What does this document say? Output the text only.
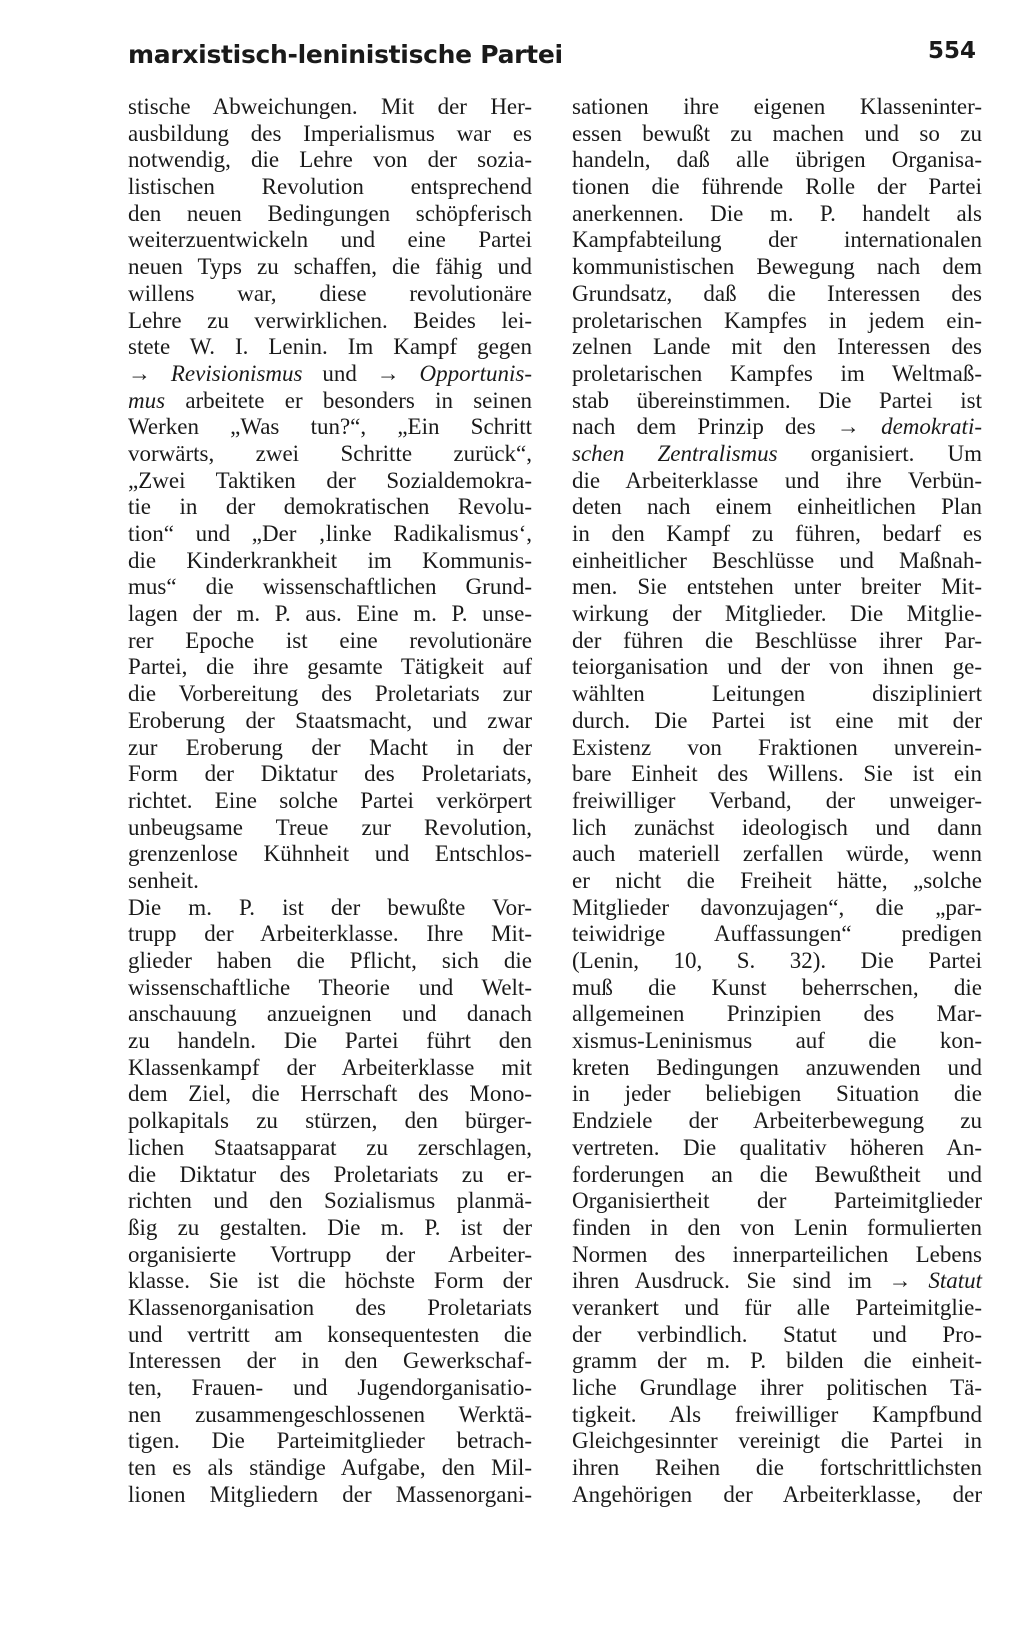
marxistisch-leninistische Partei	554
stische Abweichungen. Mit der Her-
ausbildung des Imperialismus war es
notwendig, die Lehre von der sozia-
listischen Revolution entsprechend
den neuen Bedingungen schöpferisch
weiterzuentwickeln und eine Partei
neuen Typs zu schaffen, die fähig und
willens war, diese revolutionäre
Lehre zu verwirklichen. Beides lei-
stete W. I. Lenin. Im Kampf gegen
→ Revisionismus und → Opportunis-
mus arbeitete er besonders in seinen
Werken „Was tun?“, „Ein Schritt
vorwärts, zwei Schritte zurück“,
„Zwei Taktiken der Sozialdemokra-
tie in der demokratischen Revolu-
tion“ und „Der ‚linke Radikalismus‘,
die Kinderkrankheit im Kommunis-
mus“ die wissenschaftlichen Grund-
lagen der m. P. aus. Eine m. P. unse-
rer Epoche ist eine revolutionäre
Partei, die ihre gesamte Tätigkeit auf
die Vorbereitung des Proletariats zur
Eroberung der Staatsmacht, und zwar
zur Eroberung der Macht in der
Form der Diktatur des Proletariats,
richtet. Eine solche Partei verkörpert
unbeugsame Treue zur Revolution,
grenzenlose Kühnheit und Entschlos-
senheit.
Die m. P. ist der bewußte Vor-
trupp der Arbeiterklasse. Ihre Mit-
glieder haben die Pflicht, sich die
wissenschaftliche Theorie und Welt-
anschauung anzueignen und danach
zu handeln. Die Partei führt den
Klassenkampf der Arbeiterklasse mit
dem Ziel, die Herrschaft des Mono-
polkapitals zu stürzen, den bürger-
lichen Staatsapparat zu zerschlagen,
die Diktatur des Proletariats zu er-
richten und den Sozialismus planmä-
ßig zu gestalten. Die m. P. ist der
organisierte Vortrupp der Arbeiter-
klasse. Sie ist die höchste Form der
Klassenorganisation des Proletariats
und vertritt am konsequentesten die
Interessen der in den Gewerkschaf-
ten, Frauen- und Jugendorganisatio-
nen zusammengeschlossenen Werktä-
tigen. Die Parteimitglieder betrach-
ten es als ständige Aufgabe, den Mil-
lionen Mitgliedern der Massenorgani-
sationen ihre eigenen Klasseninter-
essen bewußt zu machen und so zu
handeln, daß alle übrigen Organisa-
tionen die führende Rolle der Partei
anerkennen. Die m. P. handelt als
Kampfabteilung der internationalen
kommunistischen Bewegung nach dem
Grundsatz, daß die Interessen des
proletarischen Kampfes in jedem ein-
zelnen Lande mit den Interessen des
proletarischen Kampfes im Weltmaß-
stab übereinstimmen. Die Partei ist
nach dem Prinzip des → demokrati-
schen Zentralismus organisiert. Um
die Arbeiterklasse und ihre Verbün-
deten nach einem einheitlichen Plan
in den Kampf zu führen, bedarf es
einheitlicher Beschlüsse und Maßnah-
men. Sie entstehen unter breiter Mit-
wirkung der Mitglieder. Die Mitglie-
der führen die Beschlüsse ihrer Par-
teiorganisation und der von ihnen ge-
wählten Leitungen diszipliniert
durch. Die Partei ist eine mit der
Existenz von Fraktionen unverein-
bare Einheit des Willens. Sie ist ein
freiwilliger Verband, der unweiger-
lich zunächst ideologisch und dann
auch materiell zerfallen würde, wenn
er nicht die Freiheit hätte, „solche
Mitglieder davonzujagen“, die „par-
teiwidrige Auffassungen“ predigen
(Lenin, 10, S. 32). Die Partei
muß die Kunst beherrschen, die
allgemeinen Prinzipien des Mar-
xismus-Leninismus auf die kon-
kreten Bedingungen anzuwenden und
in jeder beliebigen Situation die
Endziele der Arbeiterbewegung zu
vertreten. Die qualitativ höheren An-
forderungen an die Bewußtheit und
Organisiertheit der Parteimitglieder
finden in den von Lenin formulierten
Normen des innerparteilichen Lebens
ihren Ausdruck. Sie sind im → Statut
verankert und für alle Parteimitglie-
der verbindlich. Statut und Pro-
gramm der m. P. bilden die einheit-
liche Grundlage ihrer politischen Tä-
tigkeit. Als freiwilliger Kampfbund
Gleichgesinnter vereinigt die Partei in
ihren Reihen die fortschrittlichsten
Angehörigen der Arbeiterklasse, der
